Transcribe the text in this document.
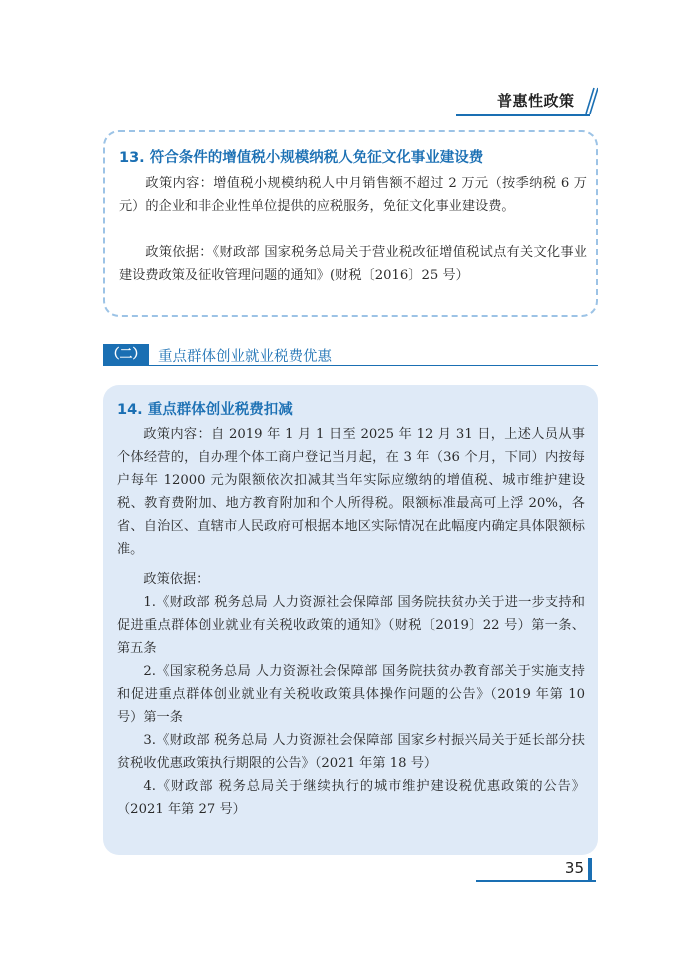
普惠性政策
13. 符合条件的增值税小规模纳税人免征文化事业建设费
政策内容：增值税小规模纳税人中月销售额不超过 2 万元（按季纳税 6 万元）的企业和非企业性单位提供的应税服务，免征文化事业建设费。
政策依据：《财政部 国家税务总局关于营业税改征增值税试点有关文化事业建设费政策及征收管理问题的通知》(财税〔2016〕25 号）
（二） 重点群体创业就业税费优惠
14. 重点群体创业税费扣减
政策内容：自 2019 年 1 月 1 日至 2025 年 12 月 31 日，上述人员从事个体经营的，自办理个体工商户登记当月起，在 3 年（36 个月，下同）内按每户每年 12000 元为限额依次扣减其当年实际应缴纳的增值税、城市维护建设税、教育费附加、地方教育附加和个人所得税。限额标准最高可上浮 20%，各省、自治区、直辖市人民政府可根据本地区实际情况在此幅度内确定具体限额标准。
政策依据：
1.《财政部 税务总局 人力资源社会保障部 国务院扶贫办关于进一步支持和促进重点群体创业就业有关税收政策的通知》（财税〔2019〕22 号）第一条、第五条
2.《国家税务总局 人力资源社会保障部 国务院扶贫办教育部关于实施支持和促进重点群体创业就业有关税收政策具体操作问题的公告》（2019 年第 10 号）第一条
3.《财政部 税务总局 人力资源社会保障部 国家乡村振兴局关于延长部分扶贫税收优惠政策执行期限的公告》（2021 年第 18 号）
4.《财政部 税务总局关于继续执行的城市维护建设税优惠政策的公告》（2021 年第 27 号）
35
